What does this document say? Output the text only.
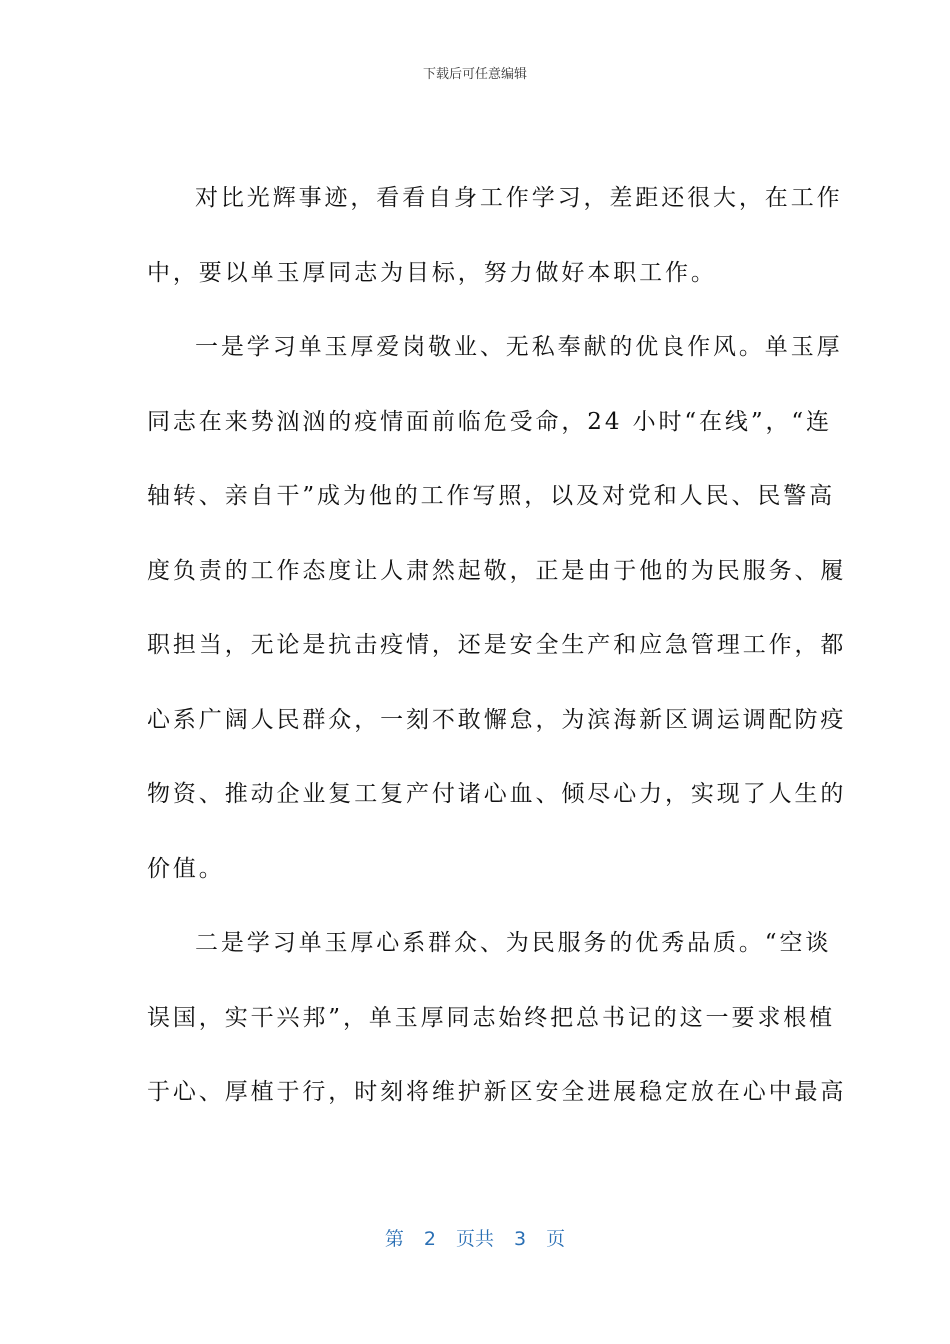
下载后可任意编辑
对比光辉事迹，看看自身工作学习，差距还很大，在工作
中，要以单玉厚同志为目标，努力做好本职工作。
一是学习单玉厚爱岗敬业、无私奉献的优良作风。单玉厚
同志在来势汹汹的疫情面前临危受命，24 小时“在线”，“连
轴转、亲自干”成为他的工作写照，以及对党和人民、民警高
度负责的工作态度让人肃然起敬，正是由于他的为民服务、履
职担当，无论是抗击疫情，还是安全生产和应急管理工作，都
心系广阔人民群众，一刻不敢懈怠，为滨海新区调运调配防疫
物资、推动企业复工复产付诸心血、倾尽心力，实现了人生的
价值。
二是学习单玉厚心系群众、为民服务的优秀品质。“空谈
误国，实干兴邦”，单玉厚同志始终把总书记的这一要求根植
于心、厚植于行，时刻将维护新区安全进展稳定放在心中最高
第 2 页共 3 页
